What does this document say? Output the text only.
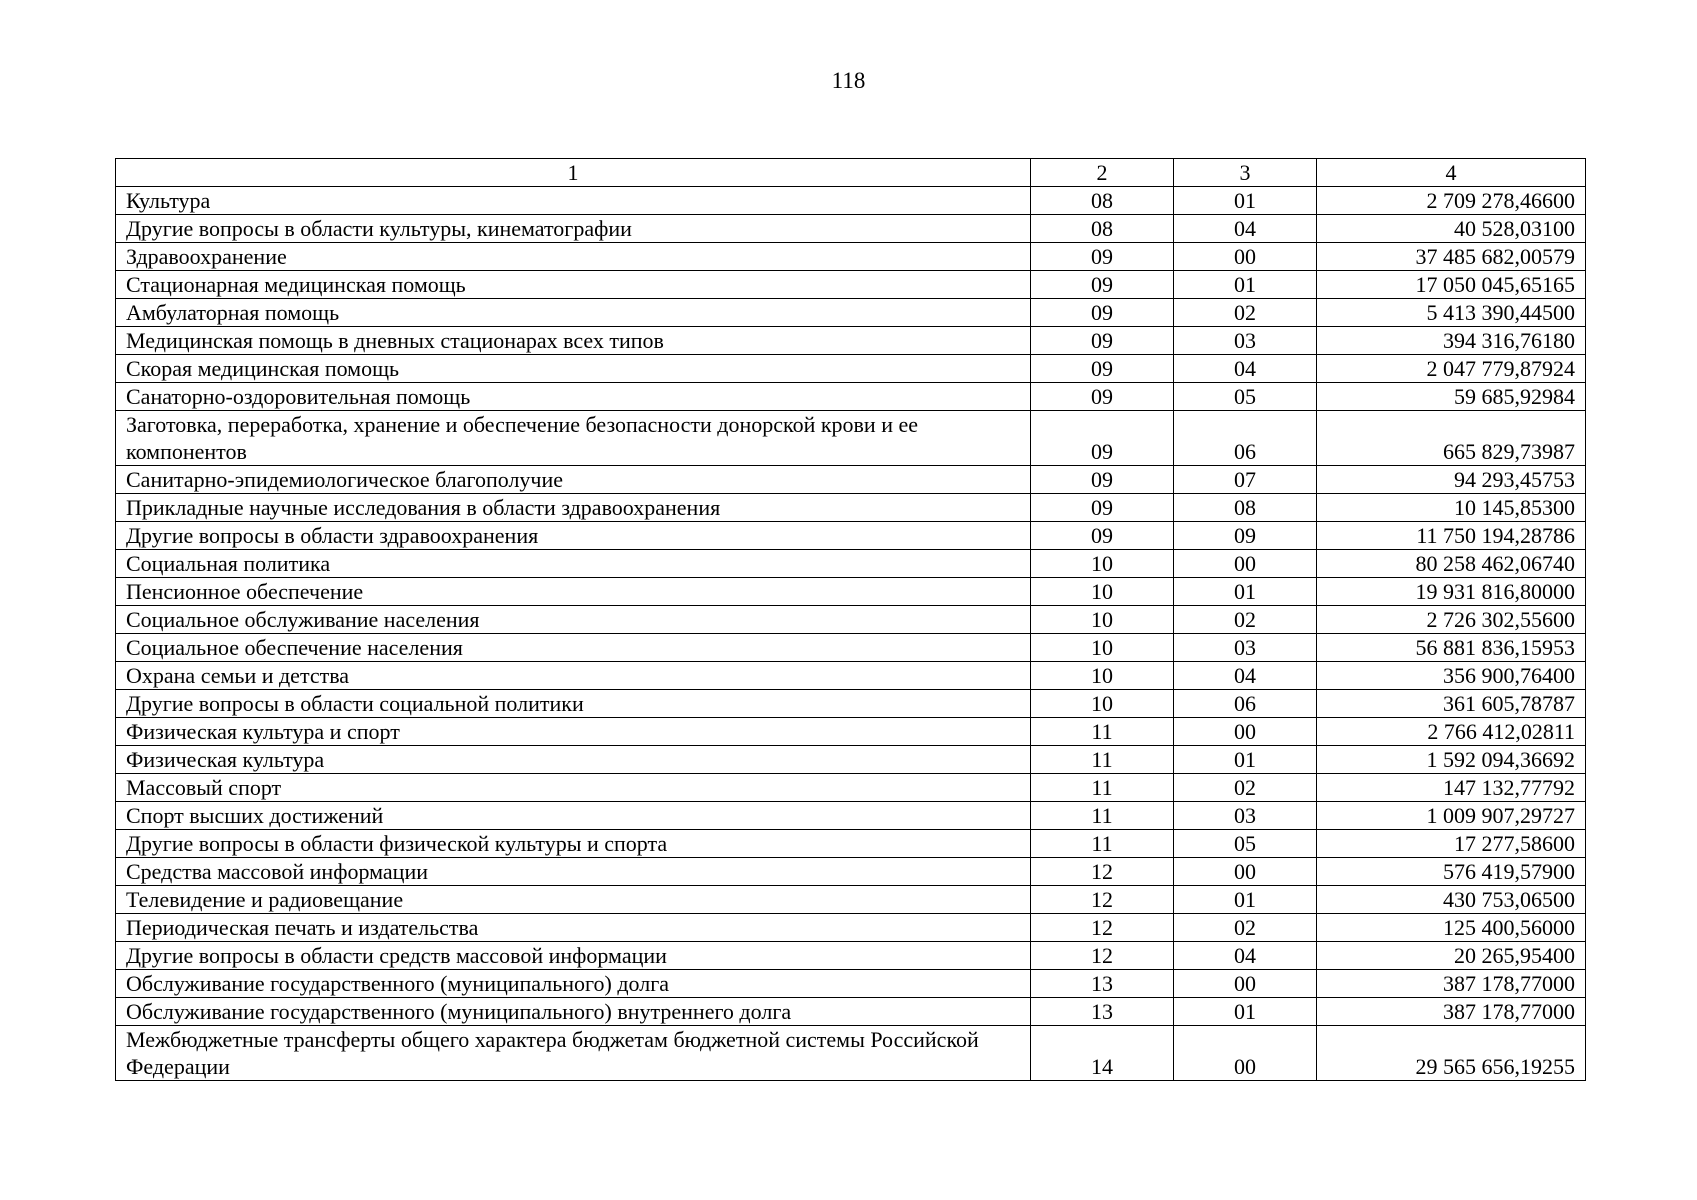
118
1	2	3	4
Культура	08	01	2 709 278,46600
Другие вопросы в области культуры, кинематографии	08	04	40 528,03100
Здравоохранение	09	00	37 485 682,00579
Стационарная медицинская помощь	09	01	17 050 045,65165
Амбулаторная помощь	09	02	5 413 390,44500
Медицинская помощь в дневных стационарах всех типов	09	03	394 316,76180
Скорая медицинская помощь	09	04	2 047 779,87924
Санаторно-оздоровительная помощь	09	05	59 685,92984
Заготовка, переработка, хранение и обеспечение безопасности донорской крови и ее компонентов	09	06	665 829,73987
Санитарно-эпидемиологическое благополучие	09	07	94 293,45753
Прикладные научные исследования в области здравоохранения	09	08	10 145,85300
Другие вопросы в области здравоохранения	09	09	11 750 194,28786
Социальная политика	10	00	80 258 462,06740
Пенсионное обеспечение	10	01	19 931 816,80000
Социальное обслуживание населения	10	02	2 726 302,55600
Социальное обеспечение населения	10	03	56 881 836,15953
Охрана семьи и детства	10	04	356 900,76400
Другие вопросы в области социальной политики	10	06	361 605,78787
Физическая культура и спорт	11	00	2 766 412,02811
Физическая культура	11	01	1 592 094,36692
Массовый спорт	11	02	147 132,77792
Спорт высших достижений	11	03	1 009 907,29727
Другие вопросы в области физической культуры и спорта	11	05	17 277,58600
Средства массовой информации	12	00	576 419,57900
Телевидение и радиовещание	12	01	430 753,06500
Периодическая печать и издательства	12	02	125 400,56000
Другие вопросы в области средств массовой информации	12	04	20 265,95400
Обслуживание государственного (муниципального) долга	13	00	387 178,77000
Обслуживание государственного (муниципального) внутреннего долга	13	01	387 178,77000
Межбюджетные трансферты общего характера бюджетам бюджетной системы Российской Федерации	14	00	29 565 656,19255
